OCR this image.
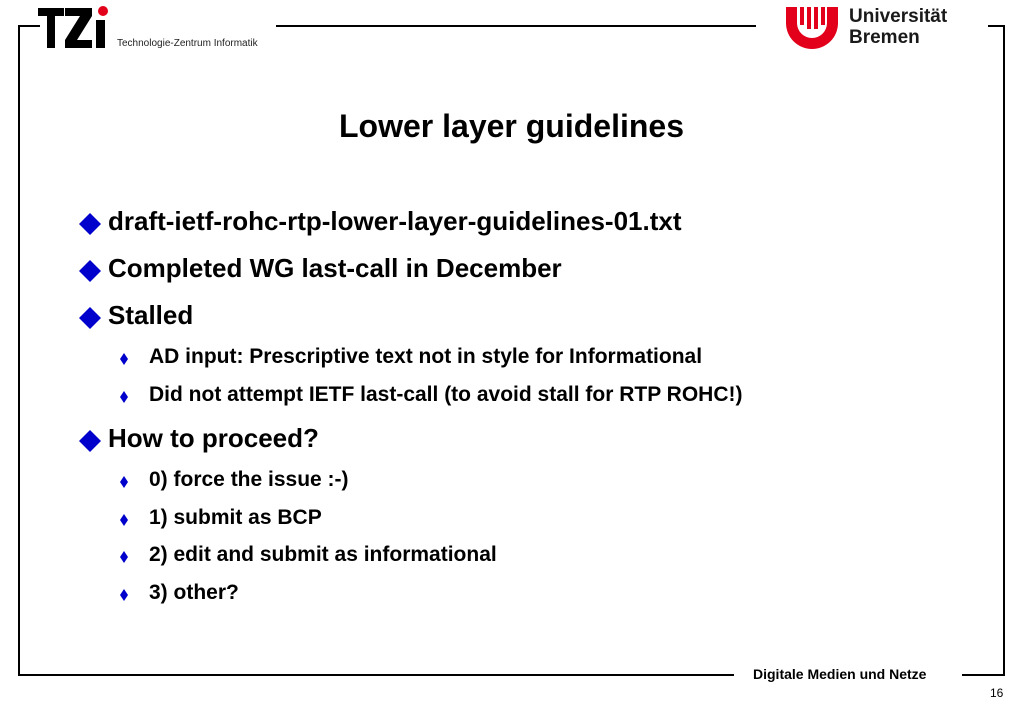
Technologie-Zentrum Informatik
Universität
Bremen
Lower layer guidelines
draft-ietf-rohc-rtp-lower-layer-guidelines-01.txt
Completed WG last-call in December
Stalled
AD input: Prescriptive text not in style for Informational
Did not attempt IETF last-call (to avoid stall for RTP ROHC!)
How to proceed?
0) force the issue :-)
1) submit as BCP
2) edit and submit as informational
3) other?
Digitale Medien und Netze
16
